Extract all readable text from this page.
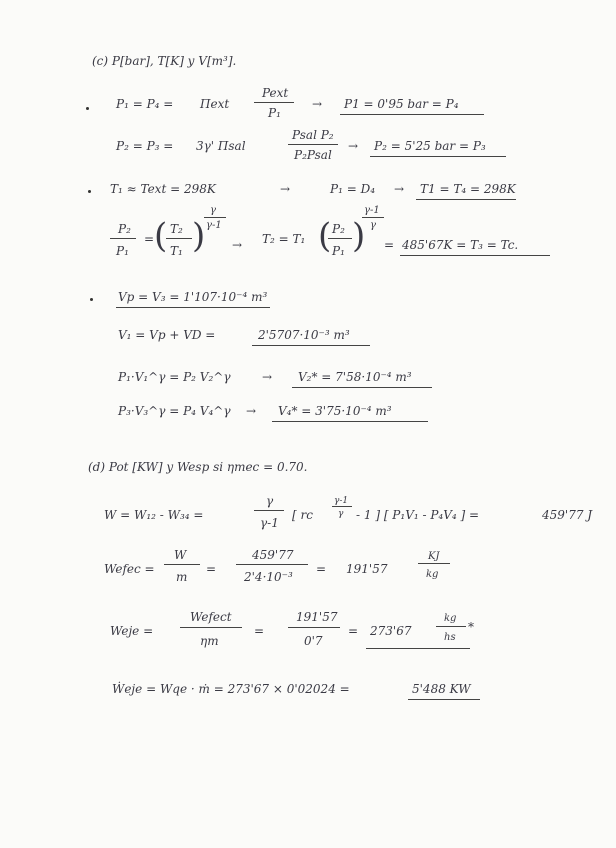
(c) P[bar], T[K] y V[m³].
P₁ = P₄ = Πext
Pext
P₁
→ P1 = 0'95 bar = P₄
P₂ = P₃ = 3γ' Πsal
Psal P₂
P₂Psal
→ P₂ = 5'25 bar = P₃
T₁ ≈ Text = 298K	→	P₁ = D₄ → T1 = T₄ = 298K
P₂
P₁
= ( T₂
T₁ )
γ
γ-1
→ T₂ = T₁ ( P₂
P₁ )
γ-1
γ
= 485'67K = T₃ = Tc.
Vp = V₃ = 1'107·10⁻⁴ m³
V₁ = Vp + VD =	2'5707·10⁻³ m³
P₁·V₁^γ = P₂ V₂^γ	→ V₂* = 7'58·10⁻⁴ m³
P₃·V₃^γ = P₄ V₄^γ → V₄* = 3'75·10⁻⁴ m³
(d) Pot [KW] y Wesp si ηmec = 0.70.
W = W₁₂ - W₃₄ =
γ
γ-1
[ rc
γ-1
γ - 1 ] [ P₁V₁ - P₄V₄ ] =	459'77 J
Wefec =
W
m
=
459'77
2'4·10⁻³
= 191'57
KJ
kg
Weje =
Wefect
ηm
=
191'57
0'7
= 273'67
kg
hs
*
Ẇeje = Wqe · ṁ = 273'67 × 0'02024 =	5'488 KW
